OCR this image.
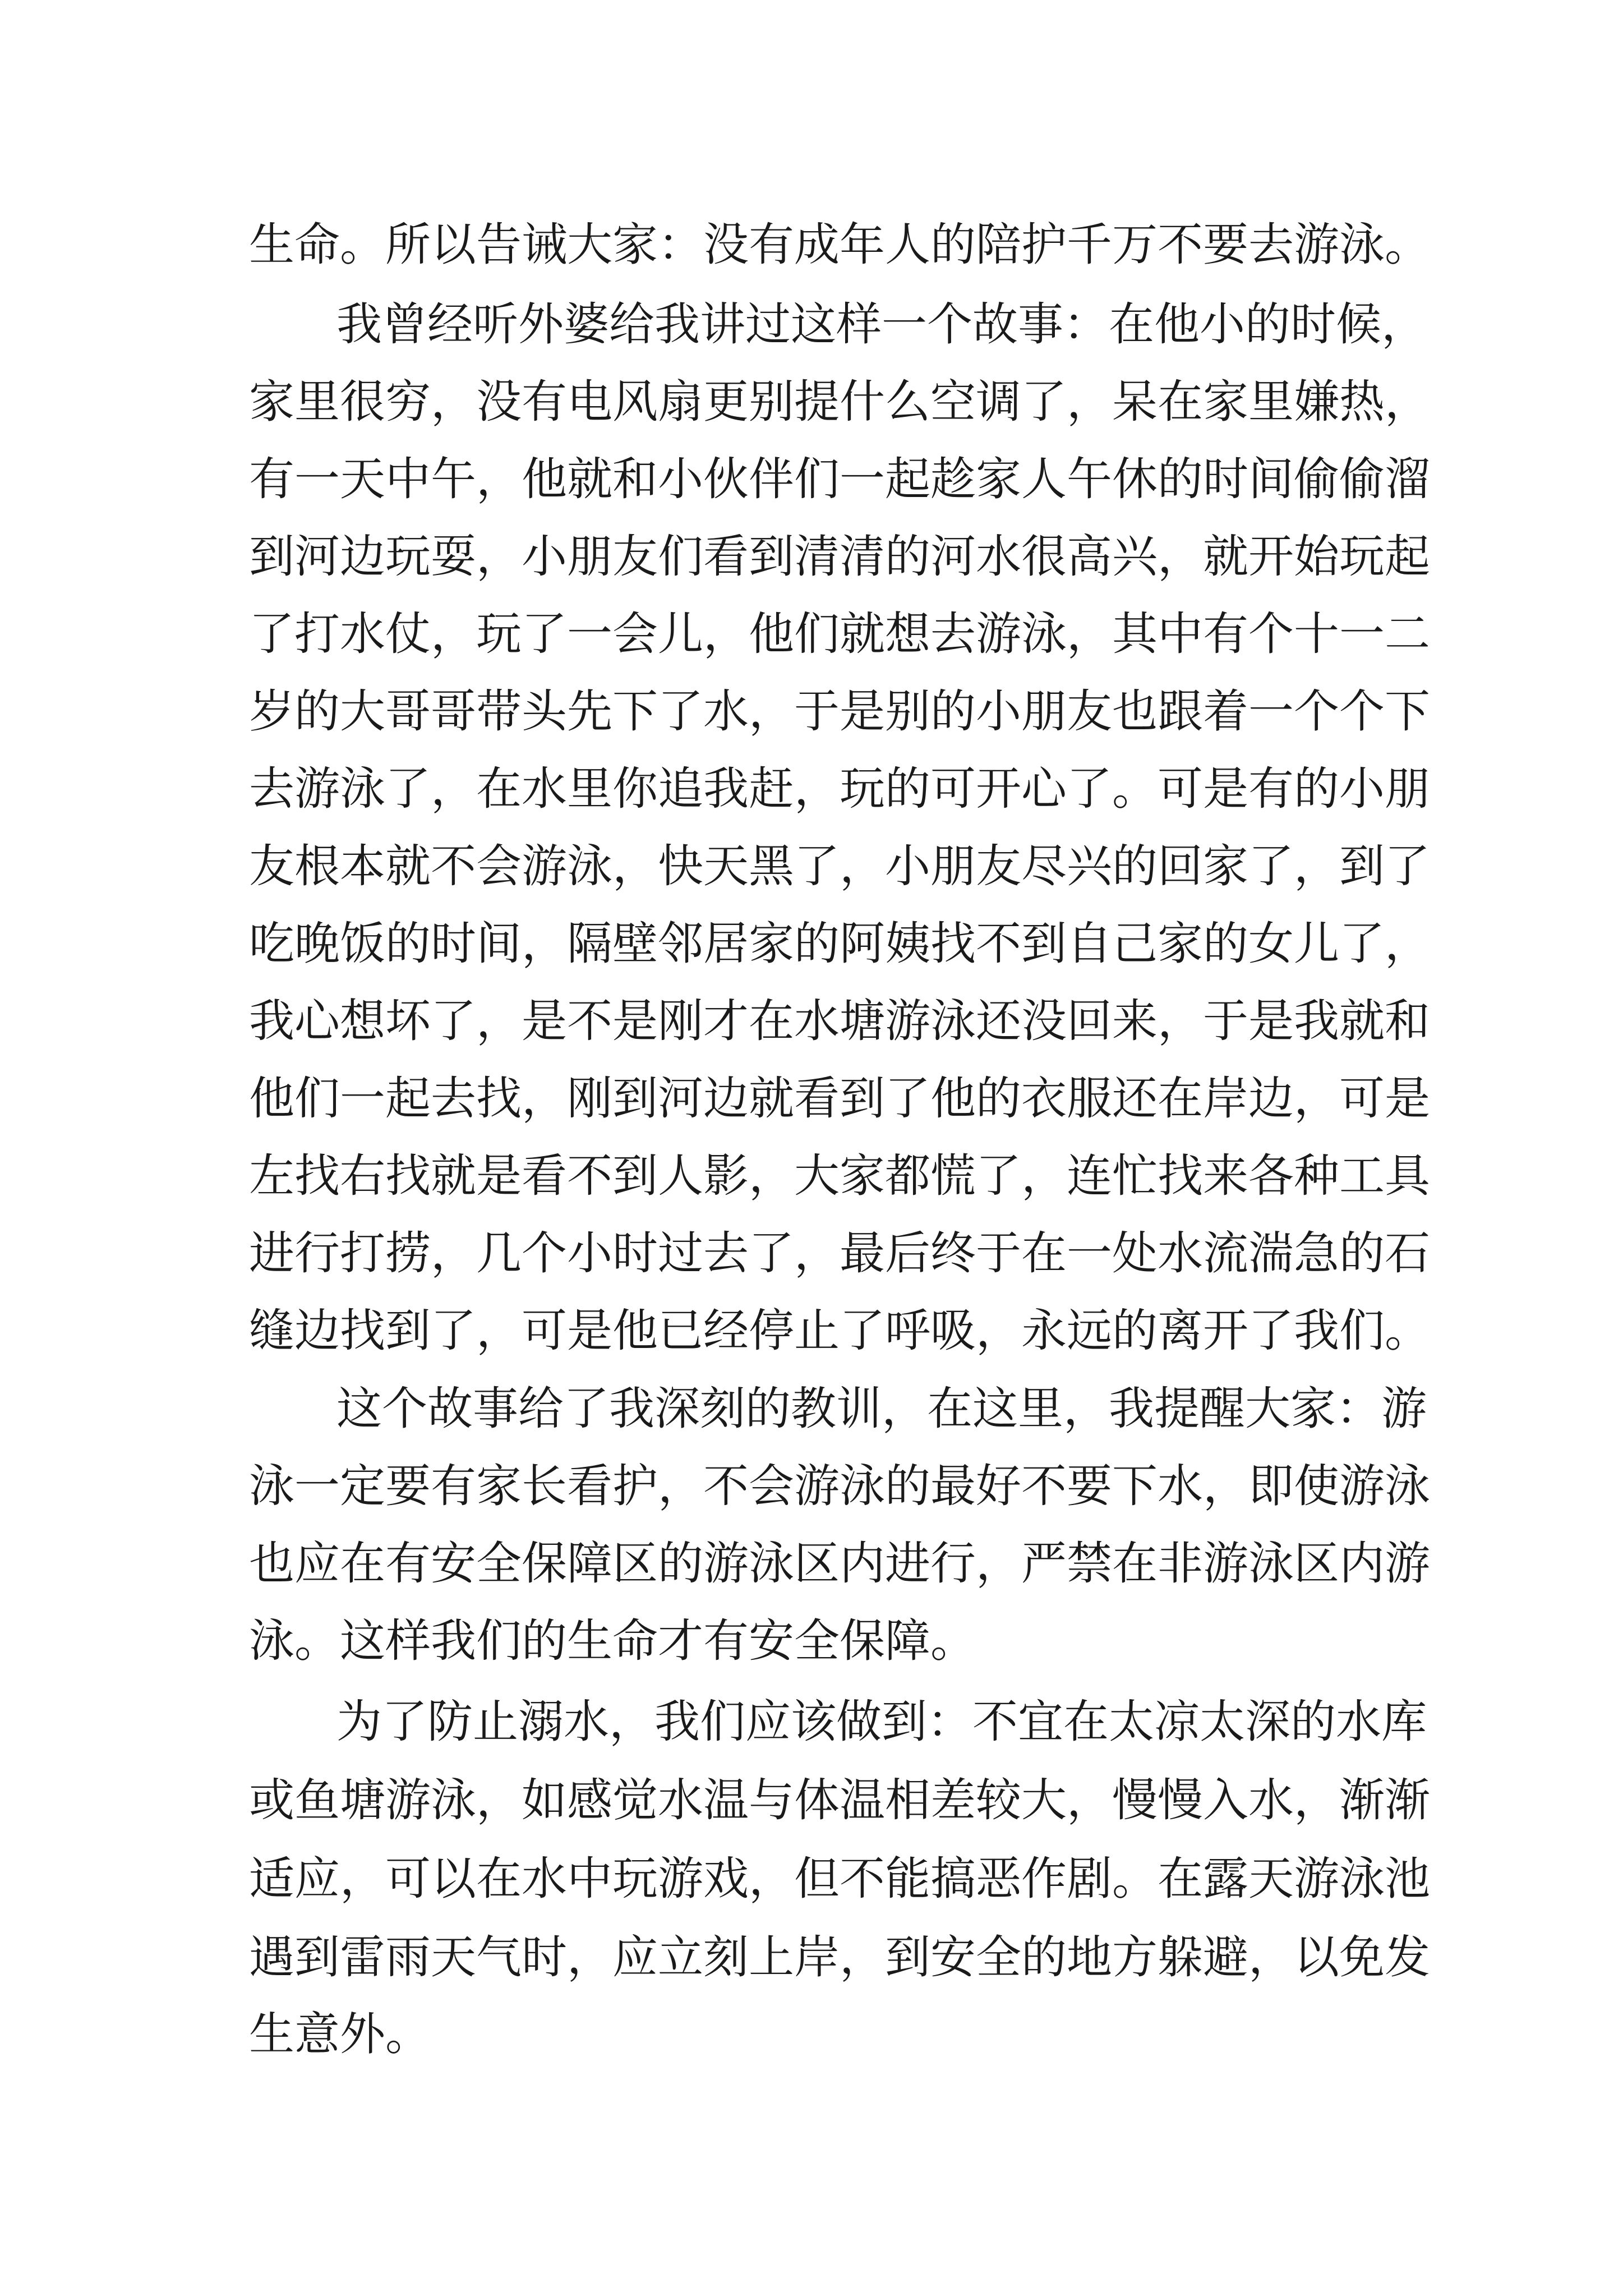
生命。所以告诫大家：没有成年人的陪护千万不要去游泳。
我曾经听外婆给我讲过这样一个故事：在他小的时候，
家里很穷，没有电风扇更别提什么空调了，呆在家里嫌热，
有一天中午，他就和小伙伴们一起趁家人午休的时间偷偷溜
到河边玩耍，小朋友们看到清清的河水很高兴，就开始玩起
了打水仗，玩了一会儿，他们就想去游泳，其中有个十一二
岁的大哥哥带头先下了水，于是别的小朋友也跟着一个个下
去游泳了，在水里你追我赶，玩的可开心了。可是有的小朋
友根本就不会游泳，快天黑了，小朋友尽兴的回家了，到了
吃晚饭的时间，隔壁邻居家的阿姨找不到自己家的女儿了，
我心想坏了，是不是刚才在水塘游泳还没回来，于是我就和
他们一起去找，刚到河边就看到了他的衣服还在岸边，可是
左找右找就是看不到人影，大家都慌了，连忙找来各种工具
进行打捞，几个小时过去了，最后终于在一处水流湍急的石
缝边找到了，可是他已经停止了呼吸，永远的离开了我们。
这个故事给了我深刻的教训，在这里，我提醒大家：游
泳一定要有家长看护，不会游泳的最好不要下水，即使游泳
也应在有安全保障区的游泳区内进行，严禁在非游泳区内游
泳。这样我们的生命才有安全保障。
为了防止溺水，我们应该做到：不宜在太凉太深的水库
或鱼塘游泳，如感觉水温与体温相差较大，慢慢入水，渐渐
适应，可以在水中玩游戏，但不能搞恶作剧。在露天游泳池
遇到雷雨天气时，应立刻上岸，到安全的地方躲避，以免发
生意外。
